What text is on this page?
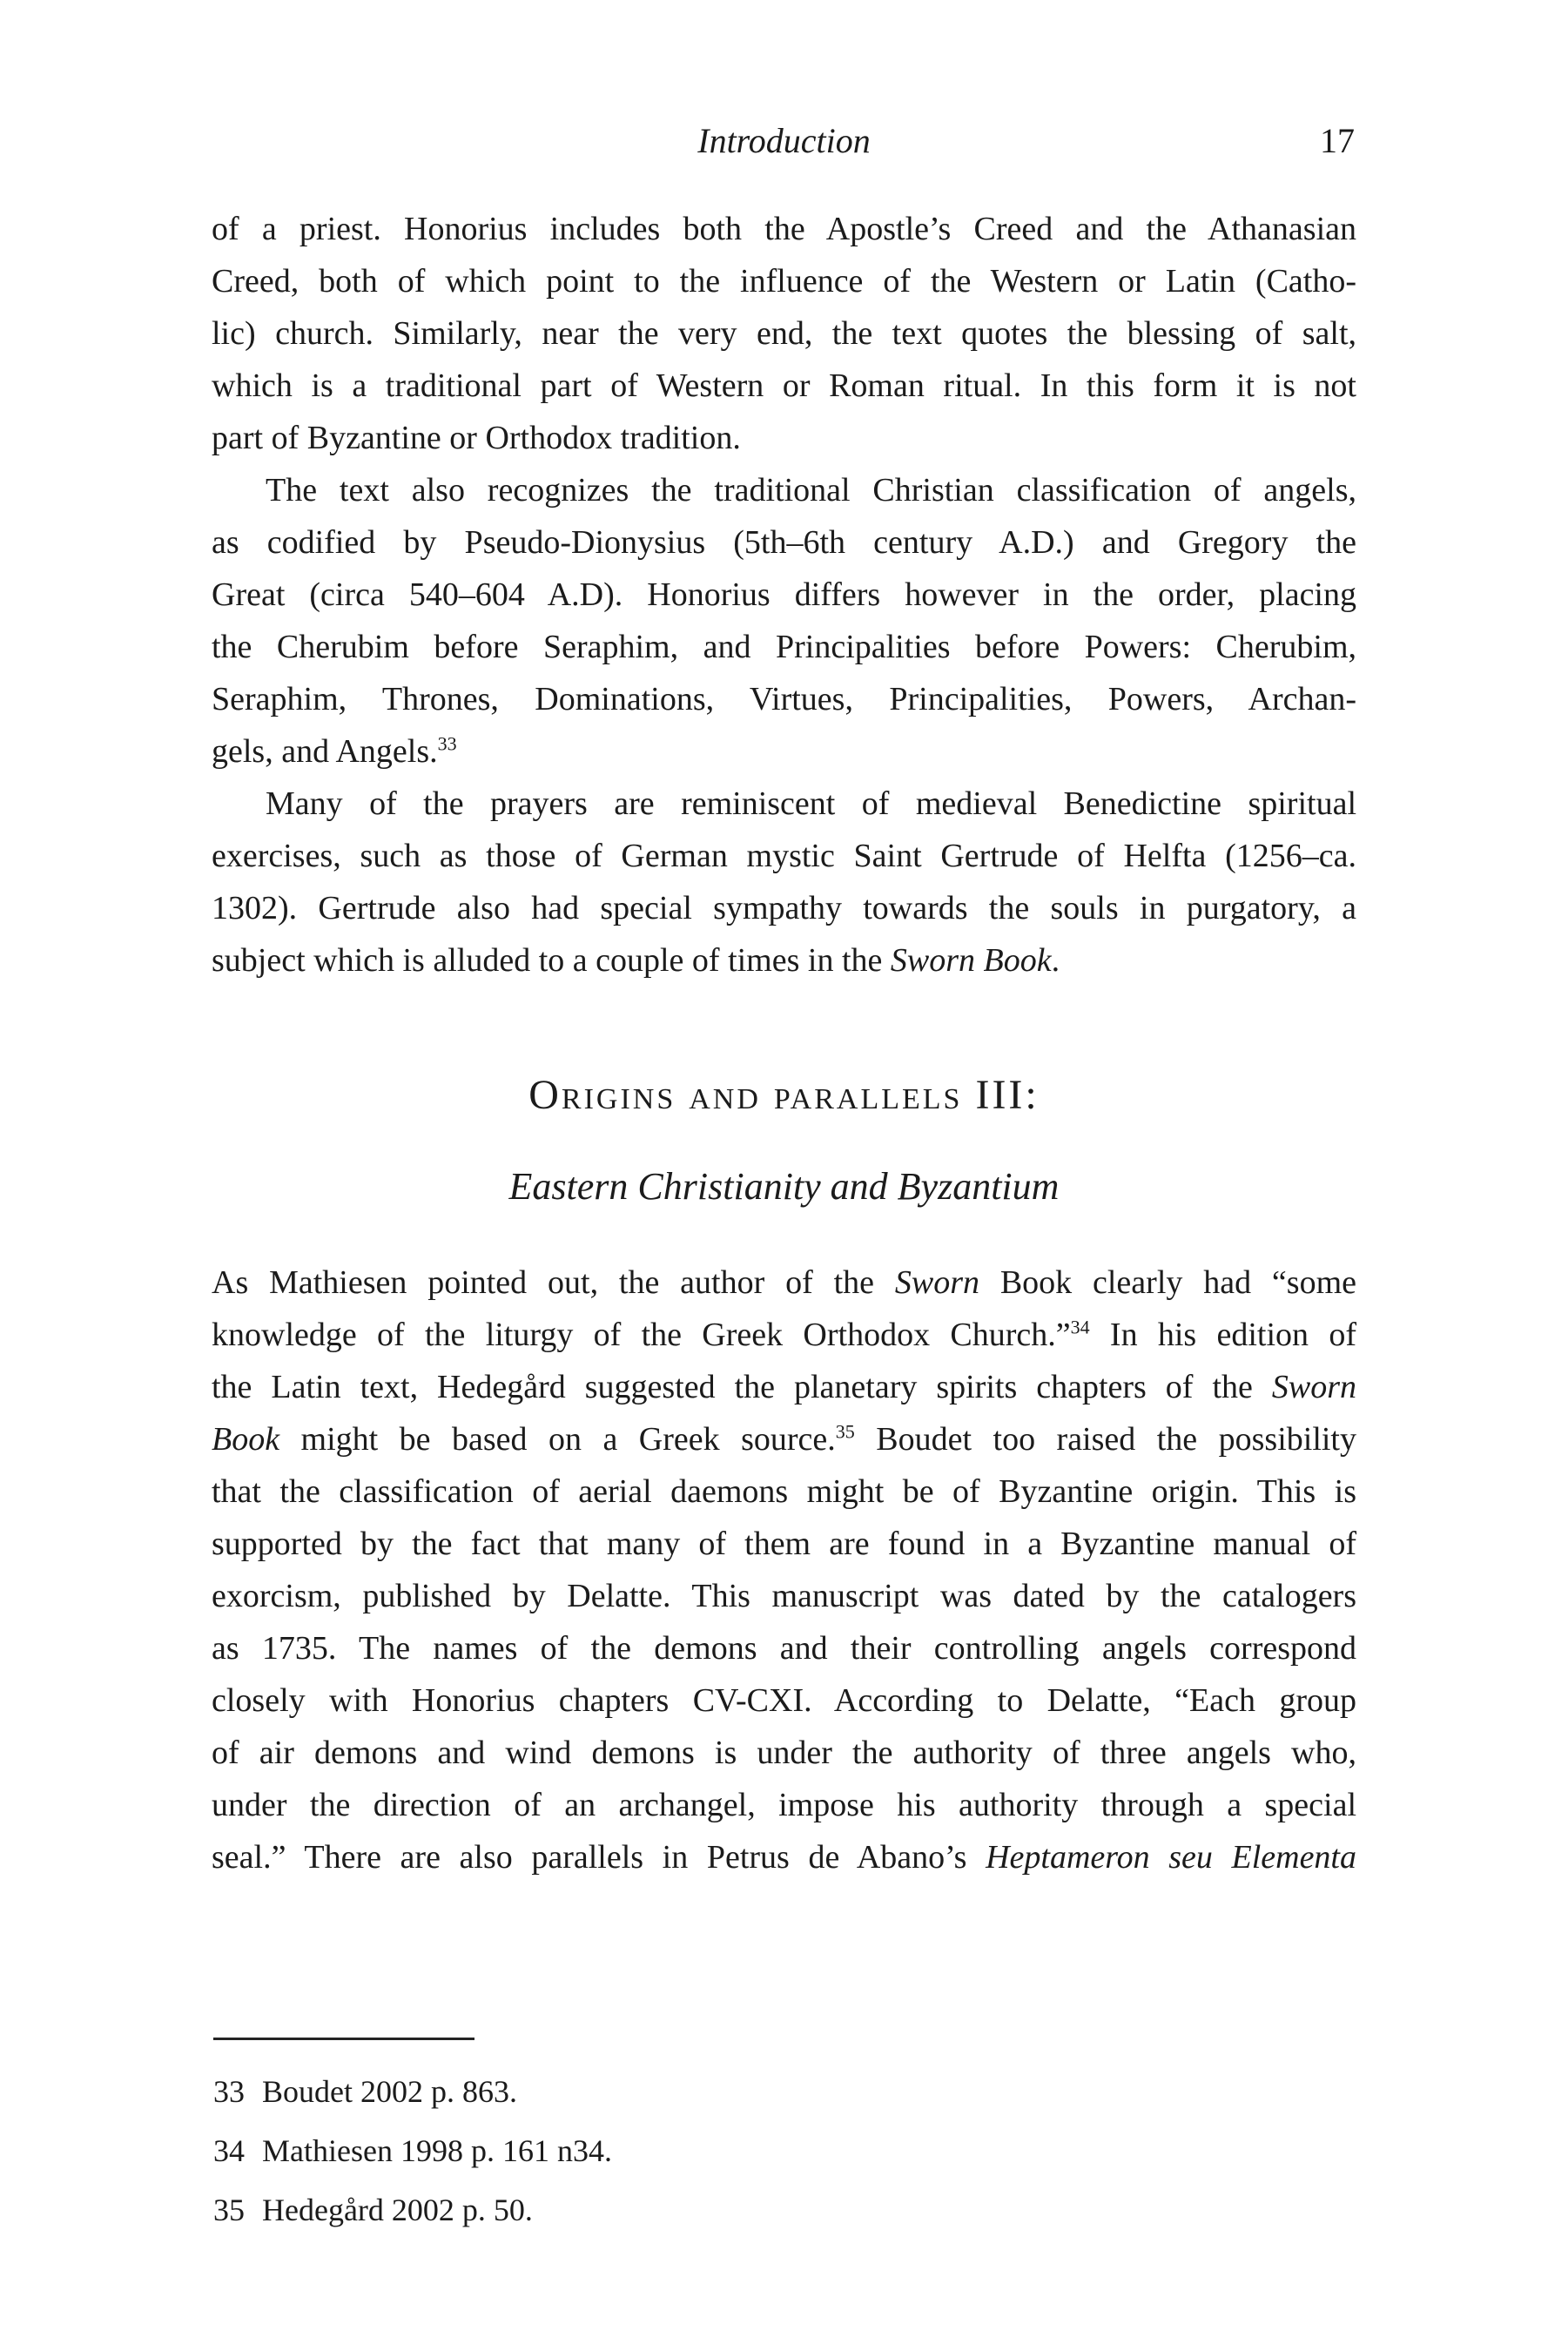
Introduction	17
of a priest. Honorius includes both the Apostle’s Creed and the Athanasian
Creed, both of which point to the influence of the Western or Latin (Catho-
lic) church. Similarly, near the very end, the text quotes the blessing of salt,
which is a traditional part of Western or Roman ritual. In this form it is not
part of Byzantine or Orthodox tradition.
The text also recognizes the traditional Christian classification of angels,
as codified by Pseudo-Dionysius (5th–6th century A.D.) and Gregory the
Great (circa 540–604 A.D). Honorius differs however in the order, placing
the Cherubim before Seraphim, and Principalities before Powers: Cherubim,
Seraphim, Thrones, Dominations, Virtues, Principalities, Powers, Archan-
gels, and Angels.$^{33}$
Many of the prayers are reminiscent of medieval Benedictine spiritual
exercises, such as those of German mystic Saint Gertrude of Helfta (1256–ca.
1302). Gertrude also had special sympathy towards the souls in purgatory, a
subject which is alluded to a couple of times in the Sworn Book.
Origins and parallels III:
Eastern Christianity and Byzantium
As Mathiesen pointed out, the author of the Sworn Book clearly had “some
knowledge of the liturgy of the Greek Orthodox Church.”$^{34}$ In his edition of
the Latin text, Hedegård suggested the planetary spirits chapters of the Sworn
Book might be based on a Greek source.$^{35}$ Boudet too raised the possibility
that the classification of aerial daemons might be of Byzantine origin. This is
supported by the fact that many of them are found in a Byzantine manual of
exorcism, published by Delatte. This manuscript was dated by the catalogers
as 1735. The names of the demons and their controlling angels correspond
closely with Honorius chapters CV-CXI. According to Delatte, “Each group
of air demons and wind demons is under the authority of three angels who,
under the direction of an archangel, impose his authority through a special
seal.” There are also parallels in Petrus de Abano’s Heptameron seu Elementa
33 Boudet 2002 p. 863.
34 Mathiesen 1998 p. 161 n34.
35 Hedegård 2002 p. 50.
